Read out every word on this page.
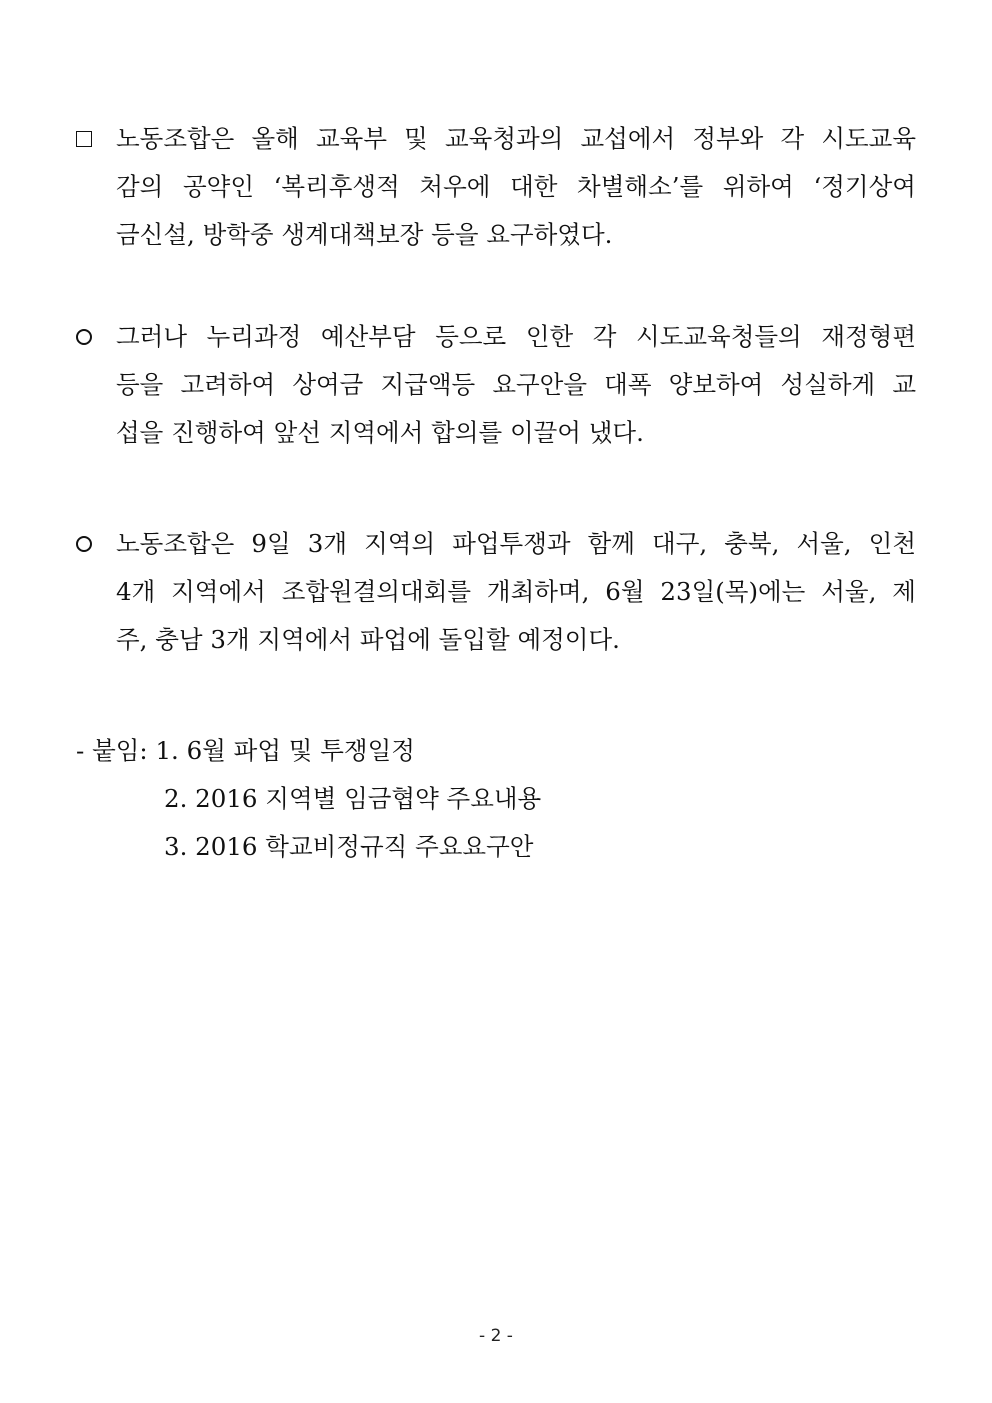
노동조합은 올해 교육부 및 교육청과의 교섭에서 정부와 각 시도교육
감의 공약인 ‘복리후생적 처우에 대한 차별해소’를 위하여 ‘정기상여
금신설, 방학중 생계대책보장 등을 요구하였다.
그러나 누리과정 예산부담 등으로 인한 각 시도교육청들의 재정형편
등을 고려하여 상여금 지급액등 요구안을 대폭 양보하여 성실하게 교
섭을 진행하여 앞선 지역에서 합의를 이끌어 냈다.
노동조합은 9일 3개 지역의 파업투쟁과 함께 대구, 충북, 서울, 인천
4개 지역에서 조합원결의대회를 개최하며, 6월 23일(목)에는 서울, 제
주, 충남 3개 지역에서 파업에 돌입할 예정이다.
- 붙임: 1. 6월 파업 및 투쟁일정
2. 2016 지역별 임금협약 주요내용
3. 2016 학교비정규직 주요요구안
- 2 -
